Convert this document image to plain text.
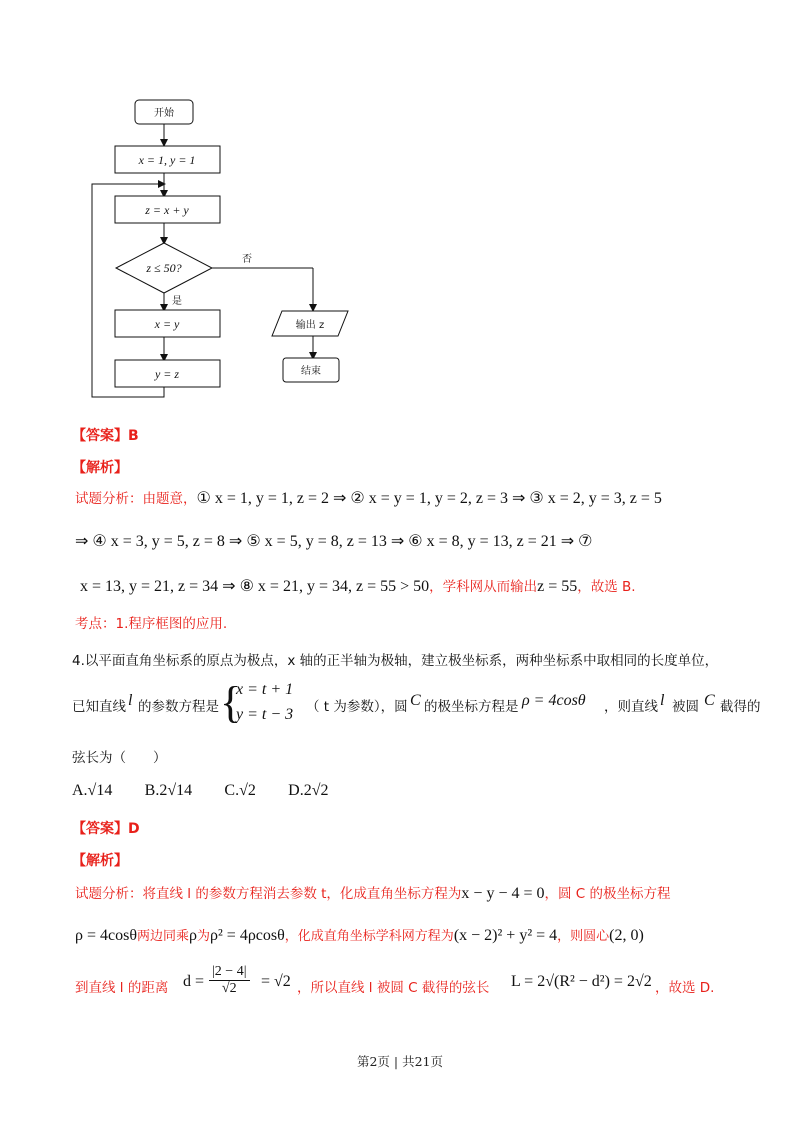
开始
x = 1, y = 1
z = x + y
z ≤ 50?
否
是
x = y
y = z
输出 z
结束
【答案】B
【解析】
试题分析：由题意，① x = 1, y = 1, z = 2 ⇒ ② x = y = 1, y = 2, z = 3 ⇒ ③ x = 2, y = 3, z = 5
⇒ ④ x = 3, y = 5, z = 8 ⇒ ⑤ x = 5, y = 8, z = 13 ⇒ ⑥ x = 8, y = 13, z = 21 ⇒ ⑦
x = 13, y = 21, z = 34 ⇒ ⑧ x = 21, y = 34, z = 55 > 50，学科网从而输出z = 55，故选 B.
考点：1.程序框图的应用.
4.以平面直角坐标系的原点为极点，x 轴的正半轴为极轴，建立极坐标系，两种坐标系中取相同的长度单位，
已知直线 l 的参数方程是 {
x = t + 1
y = t − 3 （ t 为参数），圆 C 的极坐标方程是 ρ = 4cosθ ，则直线 l 被圆 C 截得的
弦长为（　　）
A.√14 B.2√14 C.√2 D.2√2
【答案】D
【解析】
试题分析：将直线 l 的参数方程消去参数 t，化成直角坐标方程为x − y − 4 = 0，圆 C 的极坐标方程
ρ = 4cosθ两边同乘ρ为ρ² = 4ρcosθ，化成直角坐标学科网方程为(x − 2)² + y² = 4，则圆心(2, 0)
到直线 l 的距离 $d = \frac{|2 - 4|}{√2} = √2$ ，所以直线 l 被圆 C 截得的弦长 L = 2√(R² − d²) = 2√2 ，故选 D.
第2页 | 共21页
